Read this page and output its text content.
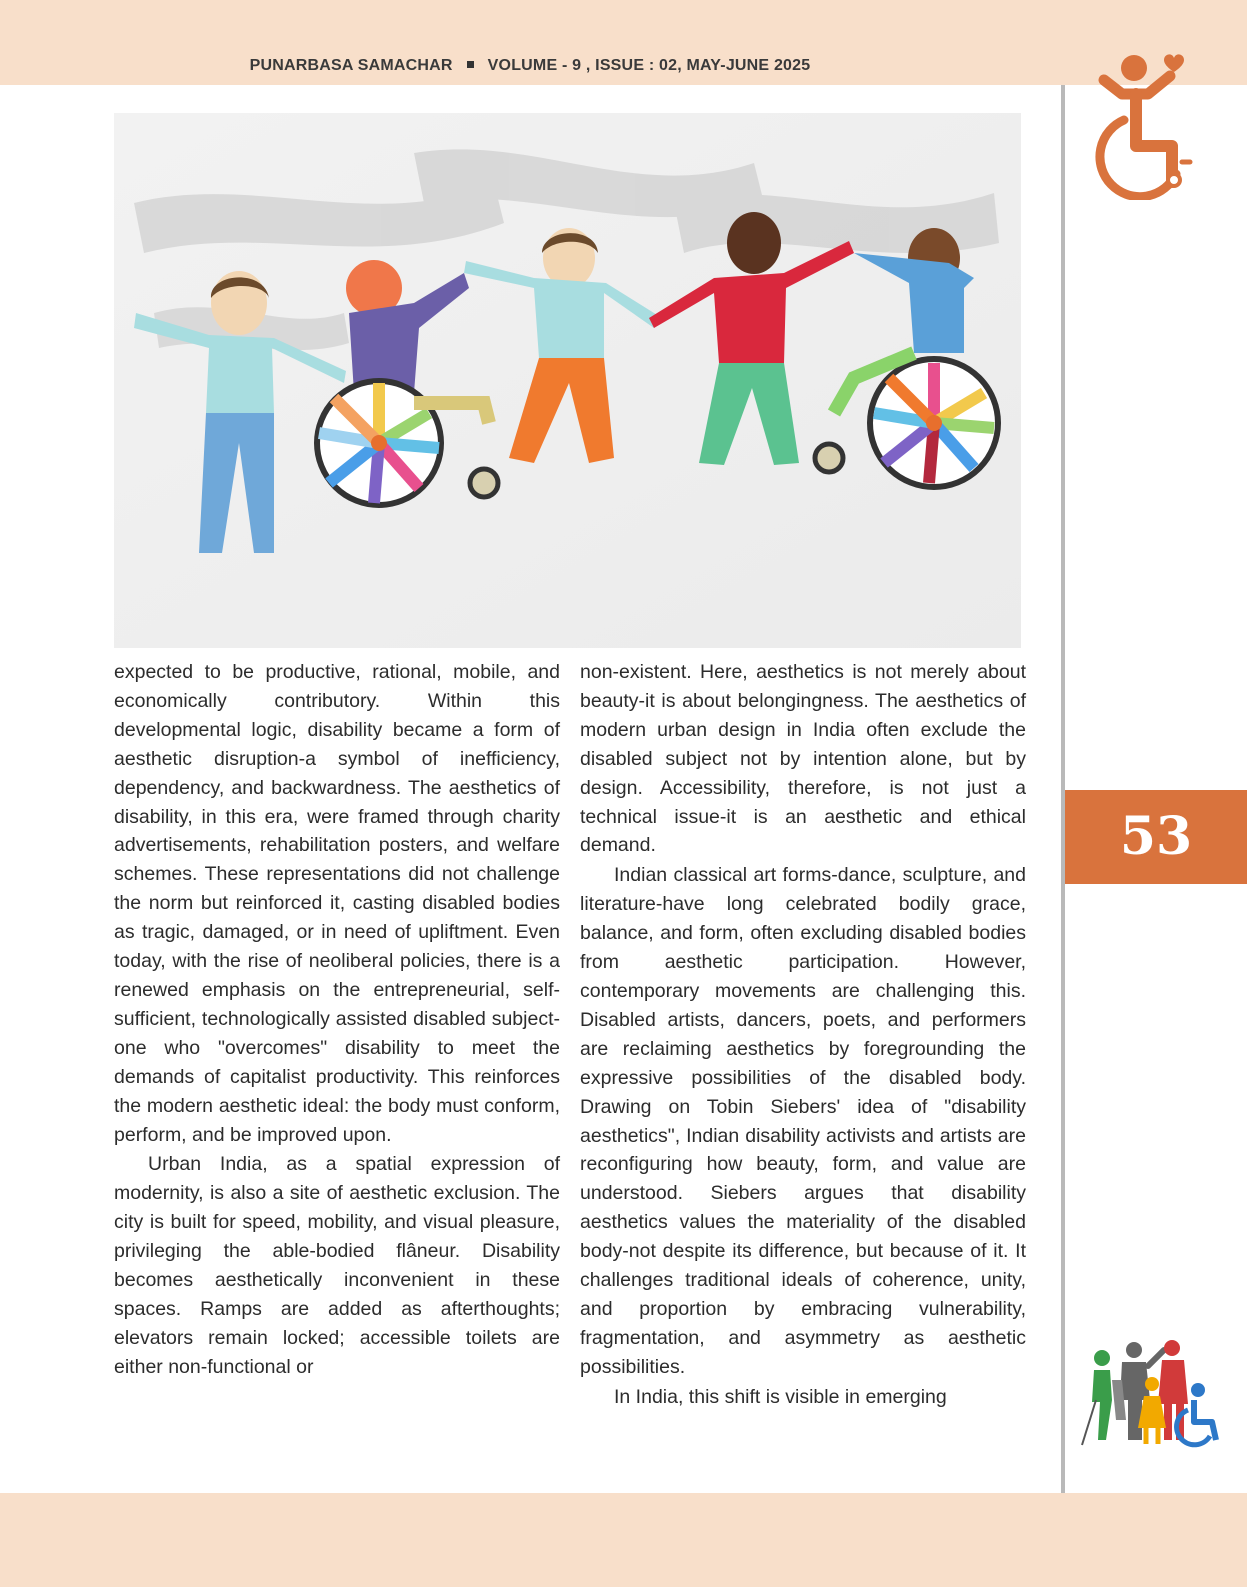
PUNARBASA SAMACHAR VOLUME - 9 , ISSUE : 02, MAY-JUNE 2025

expected to be productive, rational, mobile, and economically contributory. Within this developmental logic, disability became a form of aesthetic disruption-a symbol of inefficiency, dependency, and backwardness. The aesthetics of disability, in this era, were framed through charity advertisements, rehabilitation posters, and welfare schemes. These representations did not challenge the norm but reinforced it, casting disabled bodies as tragic, damaged, or in need of upliftment. Even today, with the rise of neoliberal policies, there is a renewed emphasis on the entrepreneurial, self-sufficient, technologically assisted disabled subject-one who "overcomes" disability to meet the demands of capitalist productivity. This reinforces the modern aesthetic ideal: the body must conform, perform, and be improved upon.

Urban India, as a spatial expression of modernity, is also a site of aesthetic exclusion. The city is built for speed, mobility, and visual pleasure, privileging the able-bodied flâneur. Disability becomes aesthetically inconvenient in these spaces. Ramps are added as afterthoughts; elevators remain locked; accessible toilets are either non-functional or

non-existent. Here, aesthetics is not merely about beauty-it is about belongingness. The aesthetics of modern urban design in India often exclude the disabled subject not by intention alone, but by design. Accessibility, therefore, is not just a technical issue-it is an aesthetic and ethical demand.

Indian classical art forms-dance, sculpture, and literature-have long celebrated bodily grace, balance, and form, often excluding disabled bodies from aesthetic participation. However, contemporary movements are challenging this. Disabled artists, dancers, poets, and performers are reclaiming aesthetics by foregrounding the expressive possibilities of the disabled body. Drawing on Tobin Siebers' idea of "disability aesthetics", Indian disability activists and artists are reconfiguring how beauty, form, and value are understood. Siebers argues that disability aesthetics values the materiality of the disabled body-not despite its difference, but because of it. It challenges traditional ideals of coherence, unity, and proportion by embracing vulnerability, fragmentation, and asymmetry as aesthetic possibilities.

In India, this shift is visible in emerging

53
